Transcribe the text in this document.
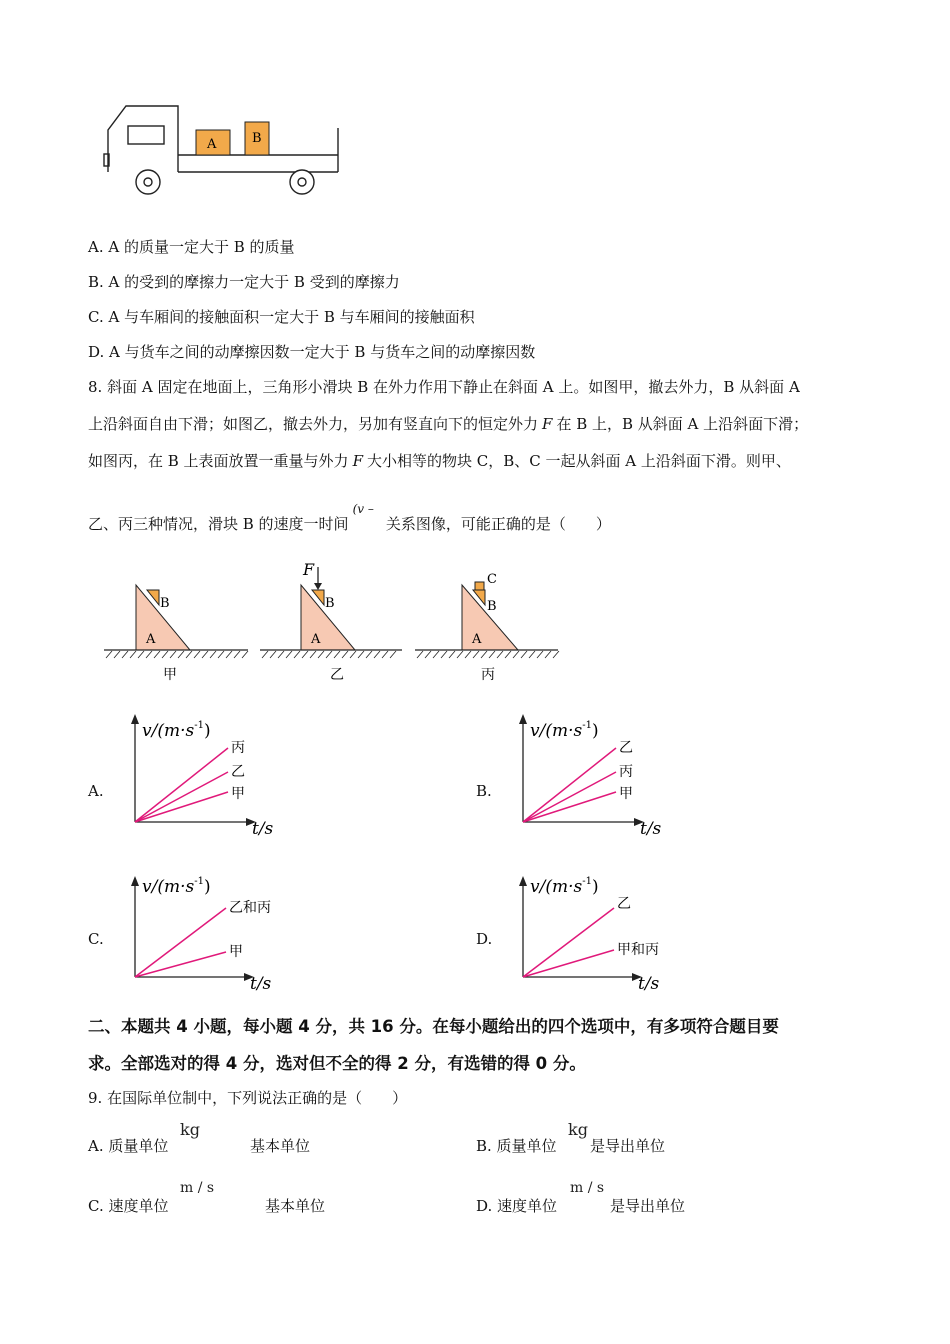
A	B
A. A 的质量一定大于 B 的质量
B. A 的受到的摩擦力一定大于 B 受到的摩擦力
C. A 与车厢间的接触面积一定大于 B 与车厢间的接触面积
D. A 与货车之间的动摩擦因数一定大于 B 与货车之间的动摩擦因数
8. 斜面 A 固定在地面上，三角形小滑块 B 在外力作用下静止在斜面 A 上。如图甲，撤去外力，B 从斜面 A
上沿斜面自由下滑；如图乙，撤去外力，另加有竖直向下的恒定外力 F 在 B 上，B 从斜面 A 上沿斜面下滑；
如图丙，在 B 上表面放置一重量与外力 F 大小相等的物块 C，B、C 一起从斜面 A 上沿斜面下滑。则甲、
乙、丙三种情况，滑块 B 的速度一时间$^{(v -}$关系图像，可能正确的是（　　）
B
A
甲
F
B
A
乙
C
B
A
丙
A.
$v/(m\cdot s^{-1})$
丙
乙
甲
t/s
B.
$v/(m\cdot s^{-1})$
乙
丙
甲
t/s
C.
$v/(m\cdot s^{-1})$
乙和丙
甲
t/s
D.
$v/(m\cdot s^{-1})$
乙
甲和丙
t/s
二、本题共 4 小题，每小题 4 分，共 16 分。在每小题给出的四个选项中，有多项符合题目要
求。全部选对的得 4 分，选对但不全的得 2 分，有选错的得 0 分。
9. 在国际单位制中，下列说法正确的是（　　）
A. 质量单位
kg
基本单位	B. 质量单位
kg
是导出单位
C. 速度单位
m / s
基本单位	D. 速度单位
m / s
是导出单位
